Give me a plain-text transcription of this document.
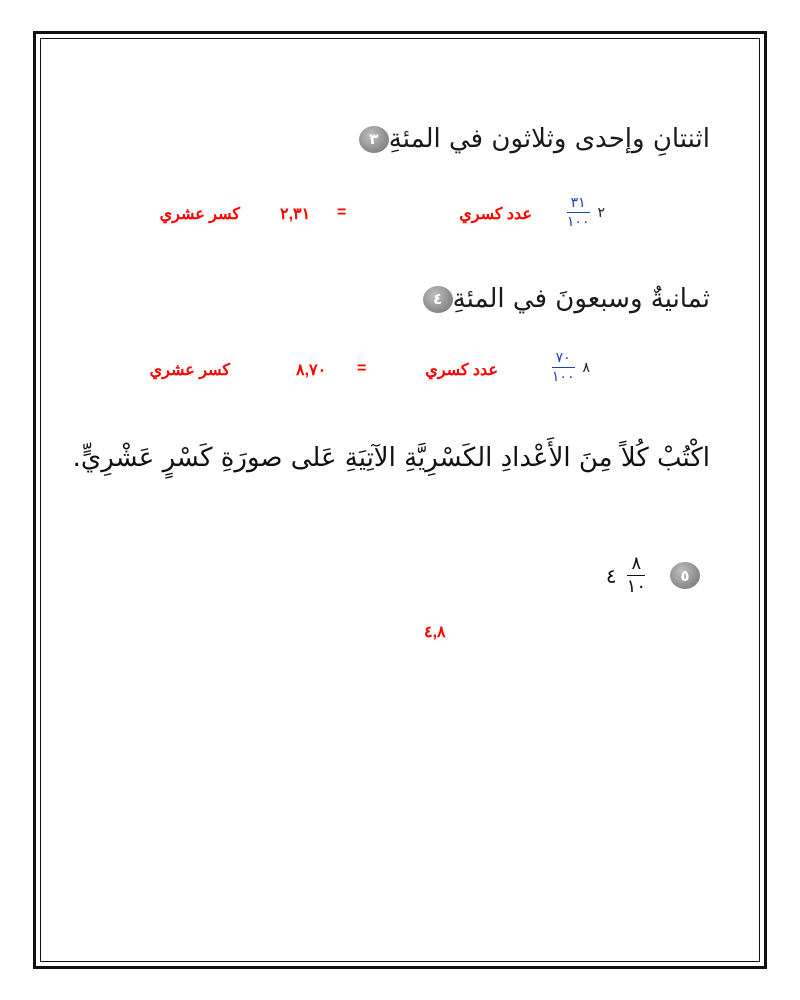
٣ اثنتانِ وإحدى وثلاثون في المئةِ
٢
$\frac{٣١}{١٠٠}$
عدد كسري
=
٢,٣١
كسر عشري
٤ ثمانيةٌ وسبعونَ في المئةِ
٨
$\frac{٧٠}{١٠٠}$
عدد كسري
=
٨,٧٠
كسر عشري
اكْتُبْ كُلاً مِنَ الأَعْدادِ الكَسْرِيَّةِ الآتِيَةِ عَلى صورَةِ كَسْرٍ عَشْرِيٍّ.
٥
$\frac{٨}{١٠}$
٤
٤,٨
